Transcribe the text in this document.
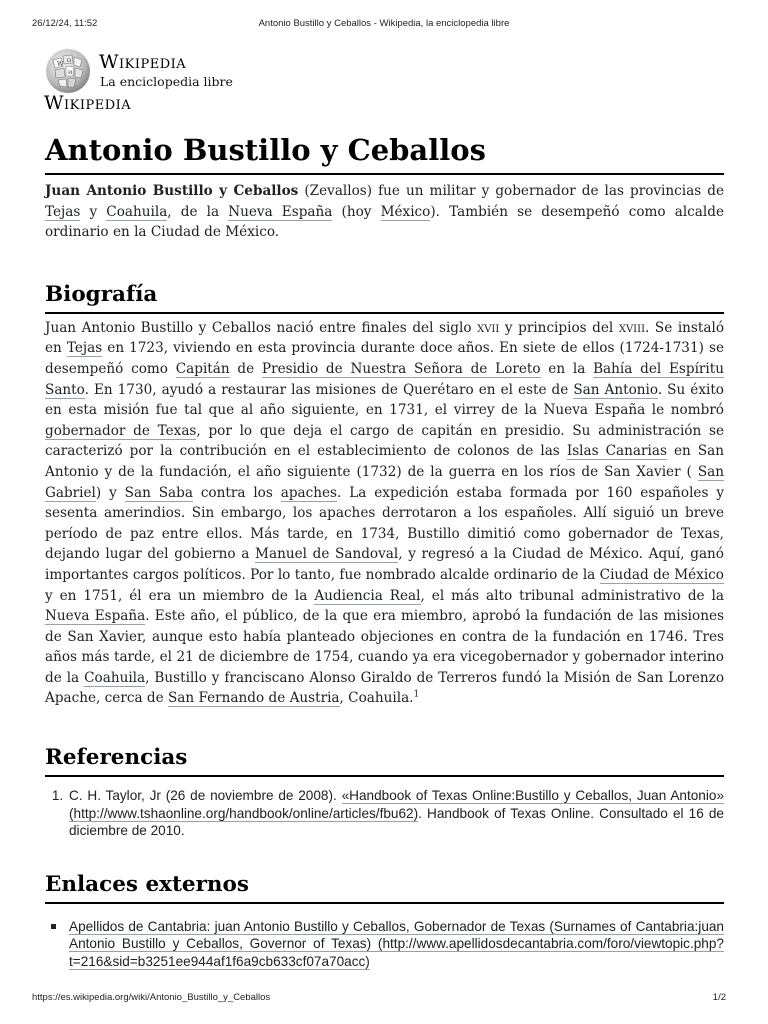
26/12/24, 11:52	Antonio Bustillo y Ceballos - Wikipedia, la enciclopedia libre
W Ω
И Wikipedia
La enciclopedia libre
Wikipedia
Antonio Bustillo y Ceballos

Juan Antonio Bustillo y Ceballos (Zevallos) fue un militar y gobernador de las provincias de Tejas y Coahuila, de la Nueva España (hoy México). También se desempeñó como alcalde ordinario en la Ciudad de México.

Biografía

Juan Antonio Bustillo y Ceballos nació entre finales del siglo xvii y principios del xviii. Se instaló en Tejas en 1723, viviendo en esta provincia durante doce años. En siete de ellos (1724-1731) se desempeñó como Capitán de Presidio de Nuestra Señora de Loreto en la Bahía del Espíritu Santo. En 1730, ayudó a restaurar las misiones de Querétaro en el este de San Antonio. Su éxito en esta misión fue tal que al año siguiente, en 1731, el virrey de la Nueva España le nombró gobernador de Texas, por lo que deja el cargo de capitán en presidio. Su administración se caracterizó por la contribución en el establecimiento de colonos de las Islas Canarias en San Antonio y de la fundación, el año siguiente (1732) de la guerra en los ríos de San Xavier ( San Gabriel) y San Saba contra los apaches. La expedición estaba formada por 160 españoles y sesenta amerindios. Sin embargo, los apaches derrotaron a los españoles. Allí siguió un breve período de paz entre ellos. Más tarde, en 1734, Bustillo dimitió como gobernador de Texas, dejando lugar del gobierno a Manuel de Sandoval, y regresó a la Ciudad de México. Aquí, ganó importantes cargos políticos. Por lo tanto, fue nombrado alcalde ordinario de la Ciudad de México y en 1751, él era un miembro de la Audiencia Real, el más alto tribunal administrativo de la Nueva España. Este año, el público, de la que era miembro, aprobó la fundación de las misiones de San Xavier, aunque esto había planteado objeciones en contra de la fundación en 1746. Tres años más tarde, el 21 de diciembre de 1754, cuando ya era vicegobernador y gobernador interino de la Coahuila, Bustillo y franciscano Alonso Giraldo de Terreros fundó la Misión de San Lorenzo Apache, cerca de San Fernando de Austria, Coahuila.$^1$

Referencias
1. C. H. Taylor, Jr (26 de noviembre de 2008). «Handbook of Texas Online:Bustillo y Ceballos, Juan Antonio» (http://www.tshaonline.org/handbook/online/articles/fbu62). Handbook of Texas Online. Consultado el 16 de diciembre de 2010.
Enlaces externos
Apellidos de Cantabria: juan Antonio Bustillo y Ceballos, Gobernador de Texas (Surnames of Cantabria:juan Antonio Bustillo y Ceballos, Governor of Texas) (http://www.apellidosdecantabria.com/foro/viewtopic.php?t=216&sid=b3251ee944af1f6a9cb633cf07a70acc)
https://es.wikipedia.org/wiki/Antonio_Bustillo_y_Ceballos	1/2
